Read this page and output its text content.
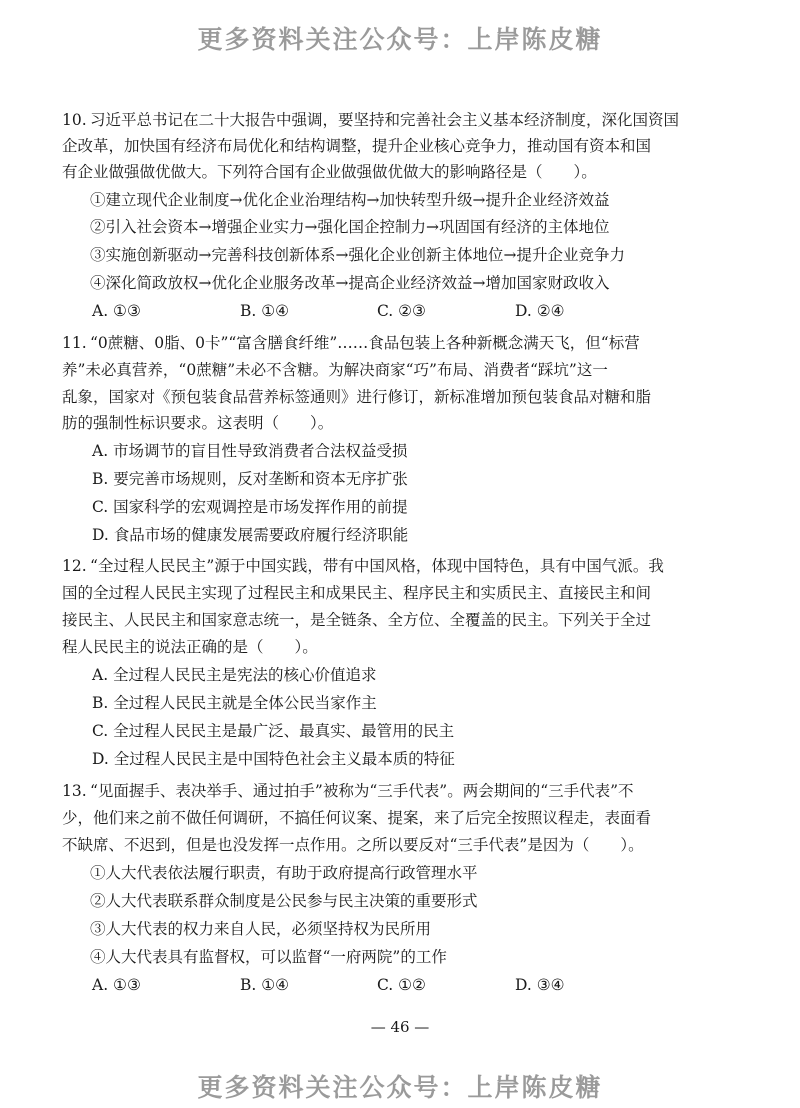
更多资料关注公众号：上岸陈皮糖
10. 习近平总书记在二十大报告中强调，要坚持和完善社会主义基本经济制度，深化国资国
企改革，加快国有经济布局优化和结构调整，提升企业核心竞争力，推动国有资本和国
有企业做强做优做大。下列符合国有企业做强做优做大的影响路径是（　　）。
①建立现代企业制度→优化企业治理结构→加快转型升级→提升企业经济效益
②引入社会资本→增强企业实力→强化国企控制力→巩固国有经济的主体地位
③实施创新驱动→完善科技创新体系→强化企业创新主体地位→提升企业竞争力
④深化简政放权→优化企业服务改革→提高企业经济效益→增加国家财政收入
A. ①③	B. ①④	C. ②③	D. ②④
11. “0蔗糖、0脂、0卡”“富含膳食纤维”……食品包装上各种新概念满天飞，但“标营
养”未必真营养，“0蔗糖”未必不含糖。为解决商家“巧”布局、消费者“踩坑”这一
乱象，国家对《预包装食品营养标签通则》进行修订，新标准增加预包装食品对糖和脂
肪的强制性标识要求。这表明（　　）。
A. 市场调节的盲目性导致消费者合法权益受损
B. 要完善市场规则，反对垄断和资本无序扩张
C. 国家科学的宏观调控是市场发挥作用的前提
D. 食品市场的健康发展需要政府履行经济职能
12. “全过程人民民主”源于中国实践，带有中国风格，体现中国特色，具有中国气派。我
国的全过程人民民主实现了过程民主和成果民主、程序民主和实质民主、直接民主和间
接民主、人民民主和国家意志统一，是全链条、全方位、全覆盖的民主。下列关于全过
程人民民主的说法正确的是（　　）。
A. 全过程人民民主是宪法的核心价值追求
B. 全过程人民民主就是全体公民当家作主
C. 全过程人民民主是最广泛、最真实、最管用的民主
D. 全过程人民民主是中国特色社会主义最本质的特征
13. “见面握手、表决举手、通过拍手”被称为“三手代表”。两会期间的“三手代表”不
少，他们来之前不做任何调研，不搞任何议案、提案，来了后完全按照议程走，表面看
不缺席、不迟到，但是也没发挥一点作用。之所以要反对“三手代表”是因为（　　）。
①人大代表依法履行职责，有助于政府提高行政管理水平
②人大代表联系群众制度是公民参与民主决策的重要形式
③人大代表的权力来自人民，必须坚持权为民所用
④人大代表具有监督权，可以监督“一府两院”的工作
A. ①③	B. ①④	C. ①②	D. ③④
— 46 —
更多资料关注公众号：上岸陈皮糖
